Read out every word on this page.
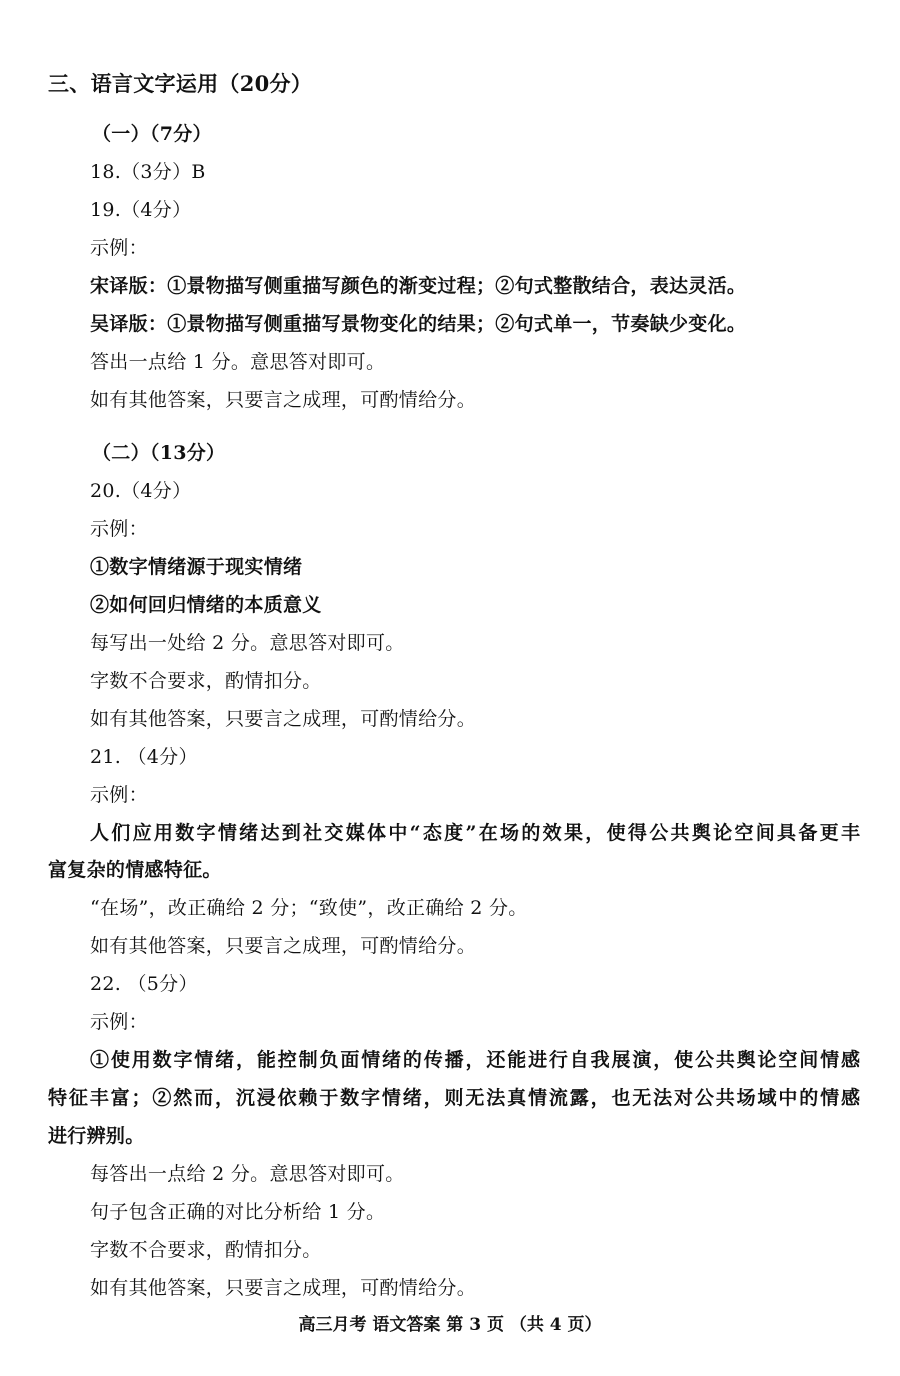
三、语言文字运用（20分）
（一）（7分）
18.（3分）B
19.（4分）
示例：
宋译版：①景物描写侧重描写颜色的渐变过程；②句式整散结合，表达灵活。
吴译版：①景物描写侧重描写景物变化的结果；②句式单一，节奏缺少变化。
答出一点给 1 分。意思答对即可。
如有其他答案，只要言之成理，可酌情给分。
（二）（13分）
20.（4分）
示例：
①数字情绪源于现实情绪
②如何回归情绪的本质意义
每写出一处给 2 分。意思答对即可。
字数不合要求，酌情扣分。
如有其他答案，只要言之成理，可酌情给分。
21. （4分）
示例：
人们应用数字情绪达到社交媒体中“态度”在场的效果，使得公共舆论空间具备更丰
富复杂的情感特征。
“在场”，改正确给 2 分；“致使”，改正确给 2 分。
如有其他答案，只要言之成理，可酌情给分。
22. （5分）
示例：
①使用数字情绪，能控制负面情绪的传播，还能进行自我展演，使公共舆论空间情感
特征丰富；②然而，沉浸依赖于数字情绪，则无法真情流露，也无法对公共场域中的情感
进行辨别。
每答出一点给 2 分。意思答对即可。
句子包含正确的对比分析给 1 分。
字数不合要求，酌情扣分。
如有其他答案，只要言之成理，可酌情给分。
高三月考 语文答案 第 3 页 （共 4 页）
